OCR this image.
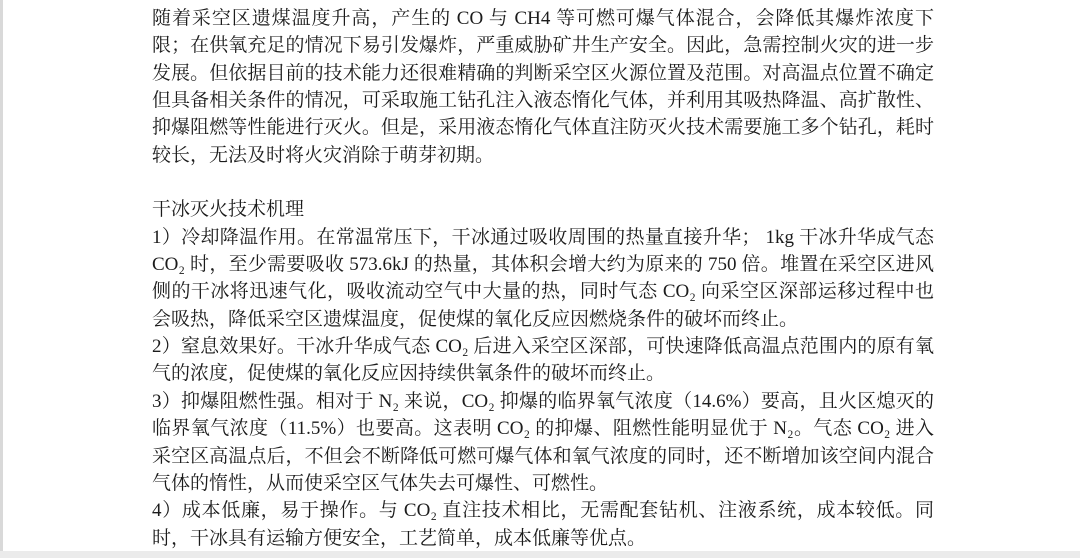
随着采空区遗煤温度升高，产生的 CO 与 CH4 等可燃可爆气体混合，会降低其爆炸浓度下限；在供氧充足的情况下易引发爆炸，严重威胁矿井生产安全。因此，急需控制火灾的进一步发展。但依据目前的技术能力还很难精确的判断采空区火源位置及范围。对高温点位置不确定但具备相关条件的情况，可采取施工钻孔注入液态惰化气体，并利用其吸热降温、高扩散性、抑爆阻燃等性能进行灭火。但是，采用液态惰化气体直注防灭火技术需要施工多个钻孔，耗时较长，无法及时将火灾消除于萌芽初期。

干冰灭火技术机理

1）冷却降温作用。在常温常压下，干冰通过吸收周围的热量直接升华； 1kg 干冰升华成气态CO₂ 时，至少需要吸收 573.6kJ 的热量，其体积会增大约为原来的 750 倍。堆置在采空区进风侧的干冰将迅速气化，吸收流动空气中大量的热，同时气态 CO₂ 向采空区深部运移过程中也会吸热，降低采空区遗煤温度，促使煤的氧化反应因燃烧条件的破坏而终止。

2）窒息效果好。干冰升华成气态 CO₂ 后进入采空区深部，可快速降低高温点范围内的原有氧气的浓度，促使煤的氧化反应因持续供氧条件的破坏而终止。

3）抑爆阻燃性强。相对于 N₂ 来说，CO₂ 抑爆的临界氧气浓度（14.6%）要高，且火区熄灭的临界氧气浓度（11.5%）也要高。这表明 CO₂ 的抑爆、阻燃性能明显优于 N₂。气态 CO₂ 进入采空区高温点后，不但会不断降低可燃可爆气体和氧气浓度的同时，还不断增加该空间内混合气体的惰性，从而使采空区气体失去可爆性、可燃性。

4）成本低廉，易于操作。与 CO₂ 直注技术相比，无需配套钻机、注液系统，成本较低。同时，干冰具有运输方便安全，工艺简单，成本低廉等优点。
